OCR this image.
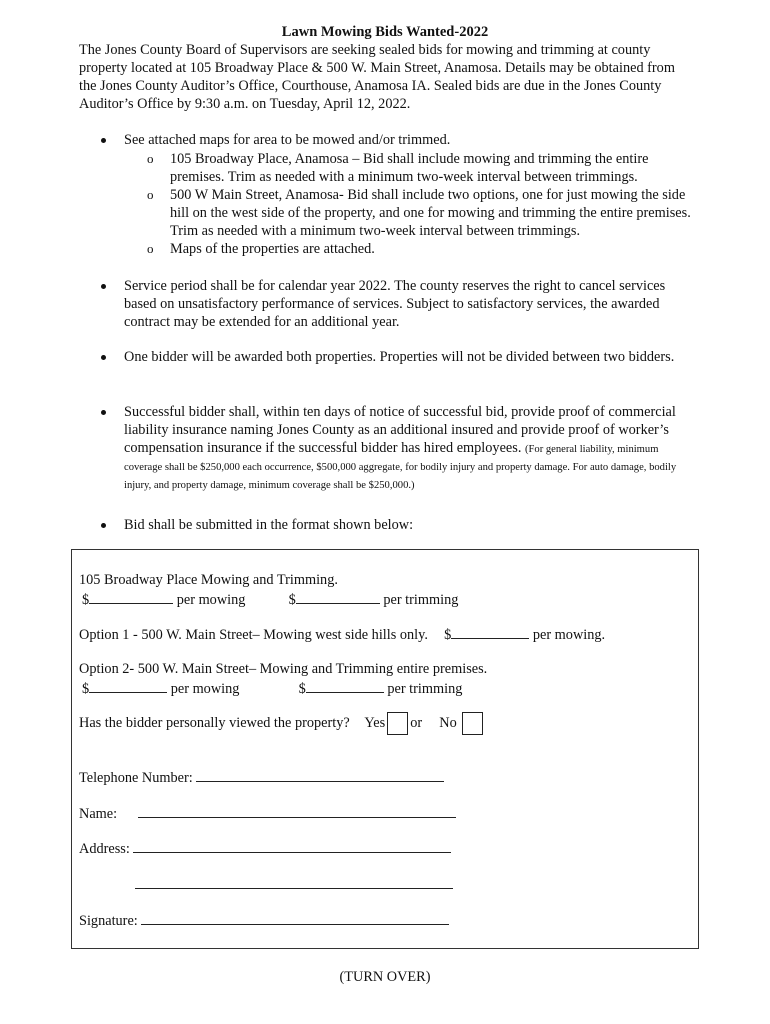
Lawn Mowing Bids Wanted-2022
The Jones County Board of Supervisors are seeking sealed bids for mowing and trimming at county property located at 105 Broadway Place & 500 W. Main Street, Anamosa. Details may be obtained from the Jones County Auditor’s Office, Courthouse, Anamosa IA. Sealed bids are due in the Jones County Auditor’s Office by 9:30 a.m. on Tuesday, April 12, 2022.
See attached maps for area to be mowed and/or trimmed.
o 105 Broadway Place, Anamosa – Bid shall include mowing and trimming the entire premises. Trim as needed with a minimum two-week interval between trimmings.
o 500 W Main Street, Anamosa- Bid shall include two options, one for just mowing the side hill on the west side of the property, and one for mowing and trimming the entire premises. Trim as needed with a minimum two-week interval between trimmings.
o Maps of the properties are attached.
Service period shall be for calendar year 2022. The county reserves the right to cancel services based on unsatisfactory performance of services. Subject to satisfactory services, the awarded contract may be extended for an additional year.
One bidder will be awarded both properties. Properties will not be divided between two bidders.
Successful bidder shall, within ten days of notice of successful bid, provide proof of commercial liability insurance naming Jones County as an additional insured and provide proof of worker’s compensation insurance if the successful bidder has hired employees. (For general liability, minimum coverage shall be $250,000 each occurrence, $500,000 aggregate, for bodily injury and property damage. For auto damage, bodily injury, and property damage, minimum coverage shall be $250,000.)
Bid shall be submitted in the format shown below:
105 Broadway Place Mowing and Trimming.
$	per mowing	$	per trimming
Option 1 - 500 W. Main Street– Mowing west side hills only. $	per mowing.
Option 2- 500 W. Main Street– Mowing and Trimming entire premises.
$	per mowing	$	per trimming
Has the bidder personally viewed the property? Yes or No
Telephone Number:
Name:
Address:
Signature:
(TURN OVER)
